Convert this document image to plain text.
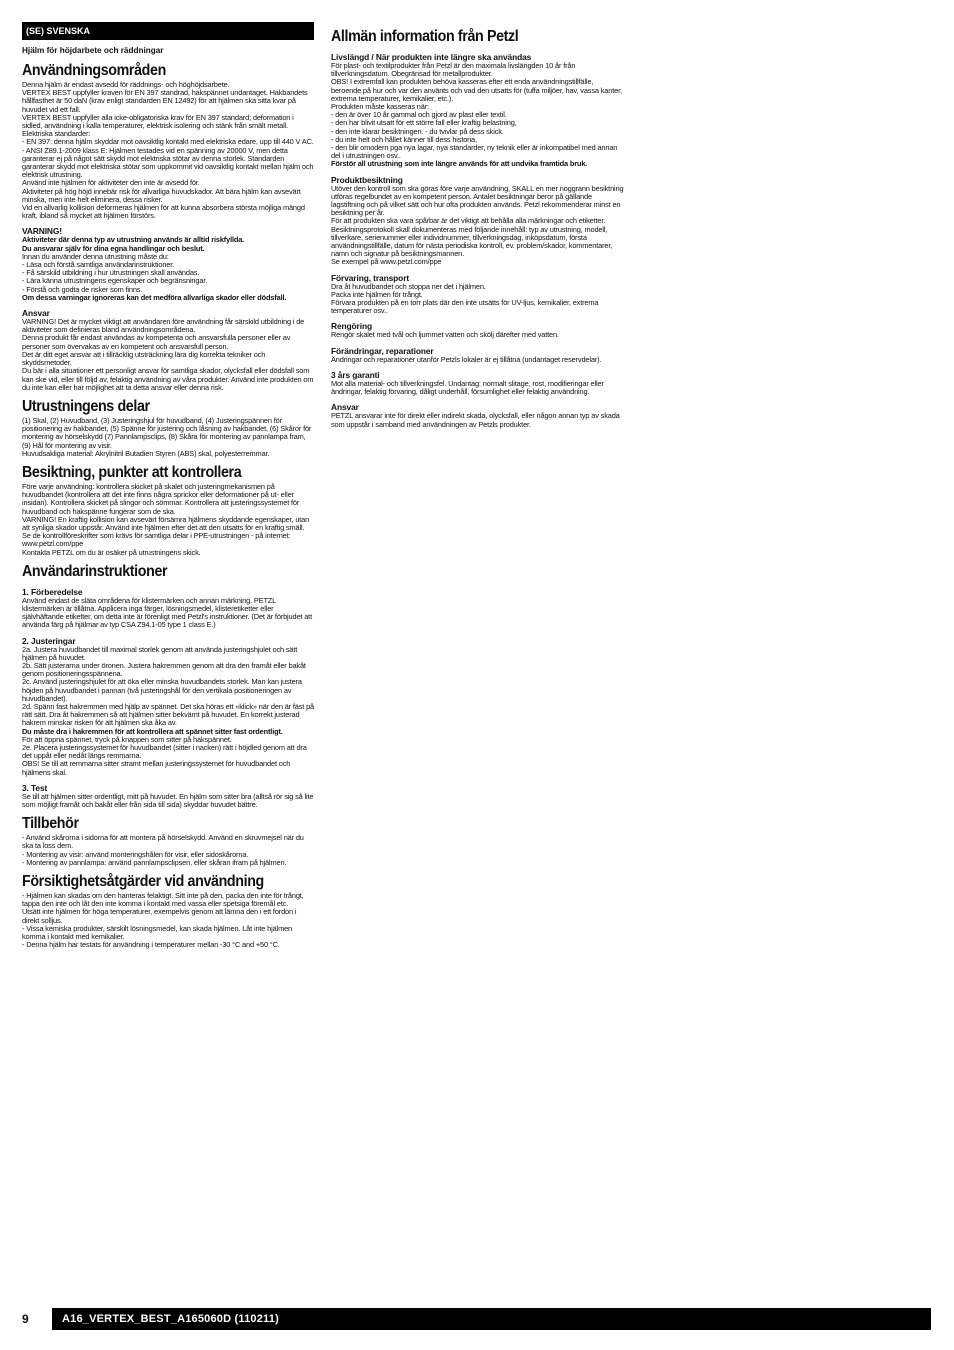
(SE) SVENSKA
Hjälm för höjdarbete och räddningar
Användningsområden
Denna hjälm är endast avsedd för räddnings- och höghöjdsarbete.
VERTEX BEST uppfyller kraven för EN 397 standrad, hakspännet undantaget. Hakbandets hållfasthet är 50 daN (krav enligt standarden EN 12492) för att hjälmen ska sitta kvar på huvudet vid ett fall.
VERTEX BEST uppfyller alla icke-obligatoriska krav för EN 397 standard; deformation i sidled, användning i kalla temperaturer, elektrisk isolering och stänk från smält metall.
Elektriska standarder:
- EN 397: denna hjälm skyddar mot oavsiktlig kontakt med elektriska edare, upp till 440 V AC.
- ANSI Z89.1-2009 klass E: Hjälmen testades vid en spänning av 20000 V, men detta garanterar ej på något sätt skydd mot elektriska stötar av denna storlek. Standarden garanterar skydd mot elektriska stötar som uppkommit vid oavsiktlig kontakt mellan hjälm och elektrisk utrustning.
Använd inte hjälmen för aktiviteter den inte är avsedd för.
Aktiviteter på hög höjd innebär risk för allvarliga huvudskador. Att bära hjälm kan avsevärt minska, men inte helt eliminera, dessa risker.
Vid en allvarlig kollision deformeras hjälmen för att kunna absorbera största möjliga mängd kraft, ibland så mycket att hjälmen förstörs.
VARNING!
Aktiviteter där denna typ av utrustning används är alltid riskfyllda.
Du ansvarar själv för dina egna handlingar och beslut.
Innan du använder denna utrustning måste du:
- Läsa och förstå samtliga användarinstruktioner.
- Få särskild utbildning i hur utrustningen skall användas.
- Lära känna utrustningens egenskaper och begränsningar.
- Förstå och godta de risker som finns.
Om dessa varningar ignoreras kan det medföra allvarliga skador eller dödsfall.
Ansvar
VARNING! Det är mycket viktigt att användaren före användning får särskild utbildning i de aktiviteter som definieras bland användningsområdena.
Denna produkt får endast användas av kompetenta och ansvarsfulla personer eller av personer som övervakas av en kompetent och ansvarsfull person.
Det är ditt eget ansvar att i tillräcklig utsträckning lära dig korrekta tekniker och skyddsmetoder.
Du bär i alla situationer ett personligt ansvar för samtliga skador, olycksfall eller dödsfall som kan ske vid, eller till följd av, felaktig användning av våra produkter. Använd inte produkten om du inte kan eller har möjlighet att ta detta ansvar eller denna risk.
Utrustningens delar
(1) Skal, (2) Huvudband, (3) Justeringshjul för huvudband, (4) Justeringspännen för positionering av hakbandet, (5) Spänne för justering och låsning av hakbandet, (6) Skåror för montering av hörselskydd (7) Pannlampsclips, (8) Skåra för montering av pannlampa fram, (9) Hål för montering av visir.
Huvudsakliga material: Akrylnitril Butadien Styren (ABS) skal, polyesterremmar.
Besiktning, punkter att kontrollera
Före varje användning: kontrollera skicket på skalet och justeringmekanismen på huvudbandet (kontrollera att det inte finns några sprickor eller deformationer på ut- eller insidan). Kontrollera skicket på slingor och sömmar. Kontrollera att justeringssystemet för huvudband och hakspänne fungerar som de ska.
VARNING! En kraftig kollision kan avsevärt försämra hjälmens skyddande egenskaper, utan att synliga skador uppstår. Använd inte hjälmen efter det att den utsatts för en kraftig smäll.
Se de kontrollföreskrifter som krävs för samtliga delar i PPE-utrustningen - på internet: www.petzl.com/ppe
Kontakta PETZL om du är osäker på utrustningens skick.
Användarinstruktioner
1. Förberedelse
Använd endast de släta områdena för klistermärken och annan märkning. PETZL klistermärken är tillåtna. Applicera inga färger, lösningsmedel, klisteretiketter eller självhäftande etiketter, om detta inte är förenligt med Petzl's instruktioner. (Det är förbjudet att använda färg på hjälmar av typ CSA Z94.1-05 type 1 class E.)
2. Justeringar
2a. Justera huvudbandet till maximal storlek genom att använda justeringshjulet och sätt hjälmen på huvudet.
2b. Sätt justerarna under öronen. Justera hakremmen genom att dra den framåt eller bakåt genom positioneringsspännena.
2c. Använd justeringshjulet för att öka eller minska huvudbandets storlek. Man kan justera höjden på huvudbandet i pannan (två justeringshål för den vertikala positioneringen av huvudbandet).
2d. Spänn fast hakremmen med hjälp av spännet. Det ska höras ett «klick» när den är fäst på rätt sätt. Dra åt hakremmen så att hjälmen sitter bekvämt på huvudet. En korrekt justerad hakrem minskar risken för att hjälmen ska åka av.
Du måste dra i hakremmen för att kontrollera att spännet sitter fast ordentligt.
För att öppna spännet, tryck på knappen som sitter på hakspännet.
2e. Placera justeringssystemet för huvudbandet (sitter i nacken) rätt i höjdled genom att dra det uppåt eller nedåt längs remmarna.
OBS! Se till att remmarna sitter stramt mellan justeringssystemet för huvudbandet och hjälmens skal.
3. Test
Se till att hjälmen sitter ordentligt, mitt på huvudet. En hjälm som sitter bra (alltså rör sig så lite som möjligt framåt och bakåt eller från sida till sida) skyddar huvudet bättre.
Tillbehör
- Använd skårorna i sidorna för att montera på hörselskydd. Använd en skruvmejsel när du ska ta loss dem.
- Montering av visir: använd monteringshålen för visir, eller sidoskårorna.
- Montering av pannlampa: använd pannlampsclipsen, eller skåran ifram på hjälmen.
Försiktighetsåtgärder vid användning
- Hjälmen kan skadas om den hanteras felaktigt. Sitt inte på den, packa den inte för trångt, tappa den inte och låt den inte komma i kontakt med vassa eller spetsiga föremål etc.
Utsätt inte hjälmen för höga temperaturer, exempelvis genom att lämna den i ett fordon i direkt solljus.
- Vissa kemiska produkter, särskilt lösningsmedel, kan skada hjälmen. Låt inte hjälmen komma i kontakt med kemikalier.
- Denna hjälm har testats för användning i temperaturer mellan -30 °C and +50 °C.
Allmän information från Petzl
Livslängd / När produkten inte längre ska användas
För plast- och textilprodukter från Petzl är den maximala livslängden 10 år från tillverkningsdatum. Obegränsad för metallprodukter.
OBS! I extremfall kan produkten behöva kasseras efter ett enda användningstillfälle, beroende på hur och var den använts och vad den utsatts för (tuffa miljöer, hav, vassa kanter, extrema temperaturer, kemikalier, etc.).
Produkten måste kasseras när:
- den är över 10 år gammal och gjord av plast eller textil.
- den har blivit utsatt för ett större fall eller kraftig belastning,
- den inte klarar besiktningen. - du tvivlar på dess skick.
- du inte helt och hållet känner till dess historia,
- den blir omodern pga nya lagar, nya standarder, ny teknik eller är inkompatibel med annan del i utrustningen osv..
Förstör all utrustning som inte längre används för att undvika framtida bruk.
Produktbesiktning
Utöver den kontroll som ska göras före varje användning, SKALL en mer noggrann besiktning utföras regelbundet av en kompetent person. Antalet besiktningar beror på gällande lagstiftning och på vilket sätt och hur ofta produkten används. Petzl rekommenderar minst en besiktning per år.
För att produkten ska vara spårbar är det viktigt att behålla alla märkningar och etiketter.
Besiktningsprotokoll skall dokumenteras med följande innehåll: typ av utrustning, modell, tillverkare, serienummer eller individnummer, tillverkningsdag, inköpsdatum, första användningstillfälle, datum för nästa periodiska kontroll, ev. problem/skador, kommentarer, namn och signatur på besiktningsmannen.
Se exempel på www.petzl.com/ppe
Förvaring, transport
Dra åt huvudbandet och stoppa ner det i hjälmen.
Packa inte hjälmen för trångt.
Förvara produkten på en torr plats där den inte utsätts för UV-ljus, kemikalier, extrema temperaturer osv..
Rengöring
Rengör skalet med tvål och ljummet vatten och skölj därefter med vatten.
Förändringar, reparationer
Ändringar och reparationer utanför Petzls lokaler är ej tillåtna (undantaget reservdelar).
3 års garanti
Mot alla material- och tillverkningsfel. Undantag: normalt slitage, rost, modifieringar eller ändringar, felaktig förvaring, dåligt underhåll, försumlighet eller felaktig användning.
Ansvar
PETZL ansvarar inte för direkt eller indirekt skada, olycksfall, eller någon annan typ av skada som uppstår i samband med användningen av Petzls produkter.
9	A16_VERTEX_BEST_A165060D (110211)
